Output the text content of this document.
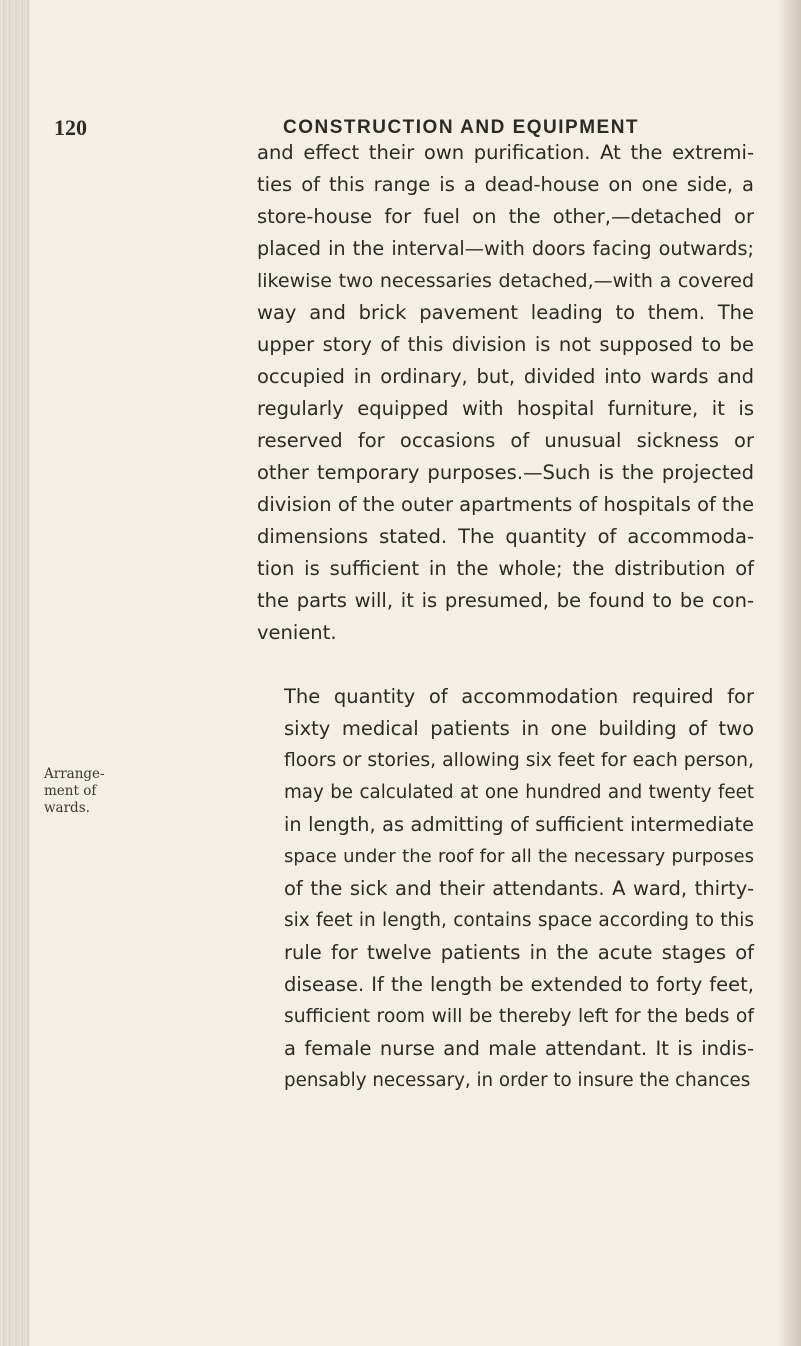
120	CONSTRUCTION AND EQUIPMENT
Arrange-
ment of
wards.
and effect their own purification. At the extremi-
ties of this range is a dead-house on one side, a
store-house for fuel on the other,—detached or
placed in the interval—with doors facing outwards;
likewise two necessaries detached,—with a covered
way and brick pavement leading to them. The
upper story of this division is not supposed to be
occupied in ordinary, but, divided into wards and
regularly equipped with hospital furniture, it is
reserved for occasions of unusual sickness or
other temporary purposes.—Such is the projected
division of the outer apartments of hospitals of the
dimensions stated. The quantity of accommoda-
tion is sufficient in the whole; the distribution of
the parts will, it is presumed, be found to be con-
venient.
The quantity of accommodation required for
sixty medical patients in one building of two
floors or stories, allowing six feet for each person,
may be calculated at one hundred and twenty feet
in length, as admitting of sufficient intermediate
space under the roof for all the necessary purposes
of the sick and their attendants. A ward, thirty-
six feet in length, contains space according to this
rule for twelve patients in the acute stages of
disease. If the length be extended to forty feet,
sufficient room will be thereby left for the beds of
a female nurse and male attendant. It is indis-
pensably necessary, in order to insure the chances
